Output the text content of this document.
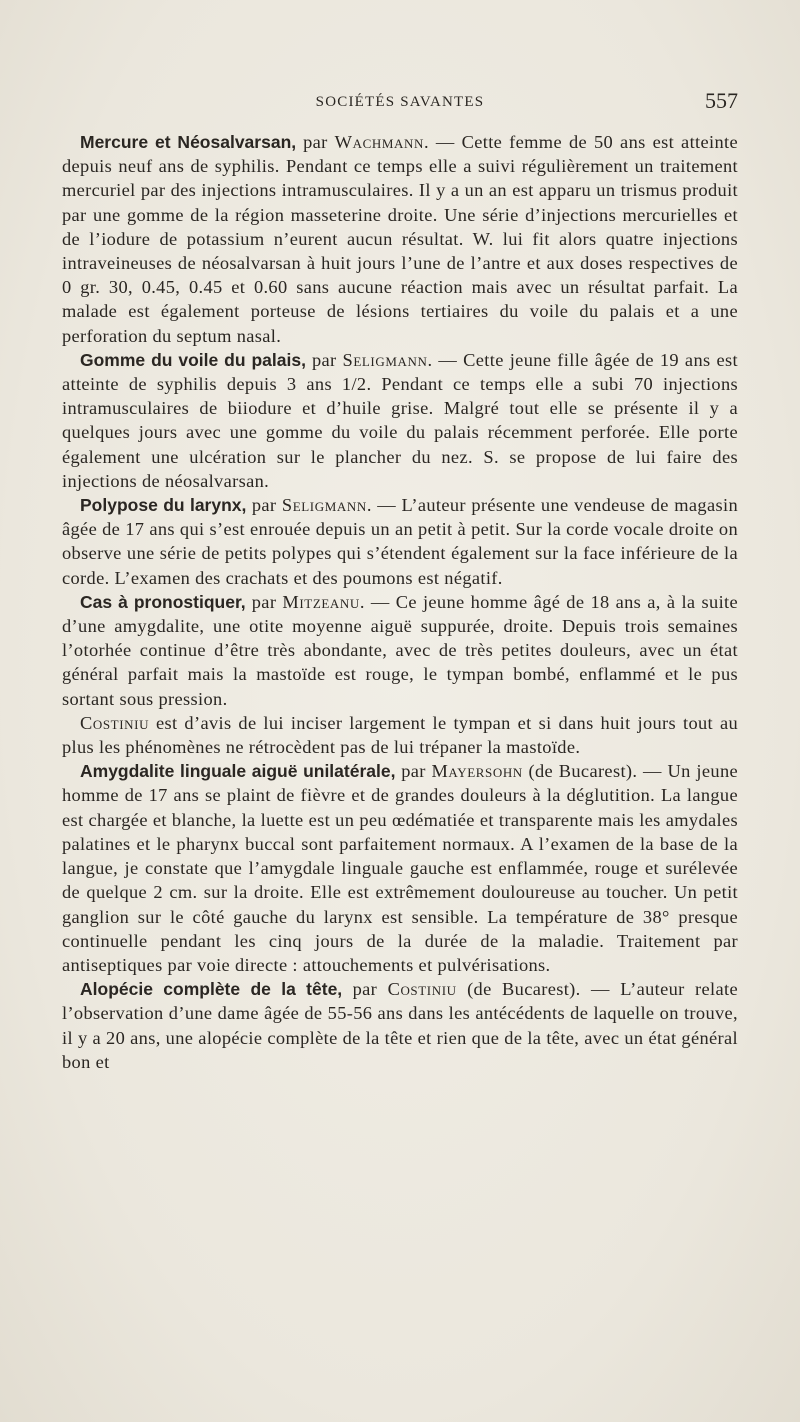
SOCIÉTÉS SAVANTES	557

Mercure et Néosalvarsan, par Wachmann. — Cette femme de 50 ans est atteinte depuis neuf ans de syphilis. Pendant ce temps elle a suivi régulièrement un traitement mercuriel par des injections intramusculaires. Il y a un an est apparu un trismus produit par une gomme de la région masseterine droite. Une série d’injections mercurielles et de l’iodure de potassium n’eurent aucun résultat. W. lui fit alors quatre injections intraveineuses de néosalvarsan à huit jours l’une de l’antre et aux doses respectives de 0 gr. 30, 0.45, 0.45 et 0.60 sans aucune réaction mais avec un résultat parfait. La malade est également porteuse de lésions tertiaires du voile du palais et a une perforation du septum nasal.

Gomme du voile du palais, par Seligmann. — Cette jeune fille âgée de 19 ans est atteinte de syphilis depuis 3 ans 1/2. Pendant ce temps elle a subi 70 injections intramusculaires de biiodure et d’huile grise. Malgré tout elle se présente il y a quelques jours avec une gomme du voile du palais récemment perforée. Elle porte également une ulcération sur le plancher du nez. S. se propose de lui faire des injections de néosalvarsan.

Polypose du larynx, par Seligmann. — L’auteur présente une vendeuse de magasin âgée de 17 ans qui s’est enrouée depuis un an petit à petit. Sur la corde vocale droite on observe une série de petits polypes qui s’étendent également sur la face inférieure de la corde. L’examen des crachats et des poumons est négatif.

Cas à pronostiquer, par Mitzeanu. — Ce jeune homme âgé de 18 ans a, à la suite d’une amygdalite, une otite moyenne aiguë suppurée, droite. Depuis trois semaines l’otorhée continue d’être très abondante, avec de très petites douleurs, avec un état général parfait mais la mastoïde est rouge, le tympan bombé, enflammé et le pus sortant sous pression.

Costiniu est d’avis de lui inciser largement le tympan et si dans huit jours tout au plus les phénomènes ne rétrocèdent pas de lui trépaner la mastoïde.

Amygdalite linguale aiguë unilatérale, par Mayersohn (de Bucarest). — Un jeune homme de 17 ans se plaint de fièvre et de grandes douleurs à la déglutition. La langue est chargée et blanche, la luette est un peu œdématiée et transparente mais les amydales palatines et le pharynx buccal sont parfaitement normaux. A l’examen de la base de la langue, je constate que l’amygdale linguale gauche est enflammée, rouge et surélevée de quelque 2 cm. sur la droite. Elle est extrêmement douloureuse au toucher. Un petit ganglion sur le côté gauche du larynx est sensible. La température de 38° presque continuelle pendant les cinq jours de la durée de la maladie. Traitement par antiseptiques par voie directe : attouchements et pulvérisations.

Alopécie complète de la tête, par Costiniu (de Bucarest). — L’auteur relate l’observation d’une dame âgée de 55-56 ans dans les antécédents de laquelle on trouve, il y a 20 ans, une alopécie complète de la tête et rien que de la tête, avec un état général bon et
